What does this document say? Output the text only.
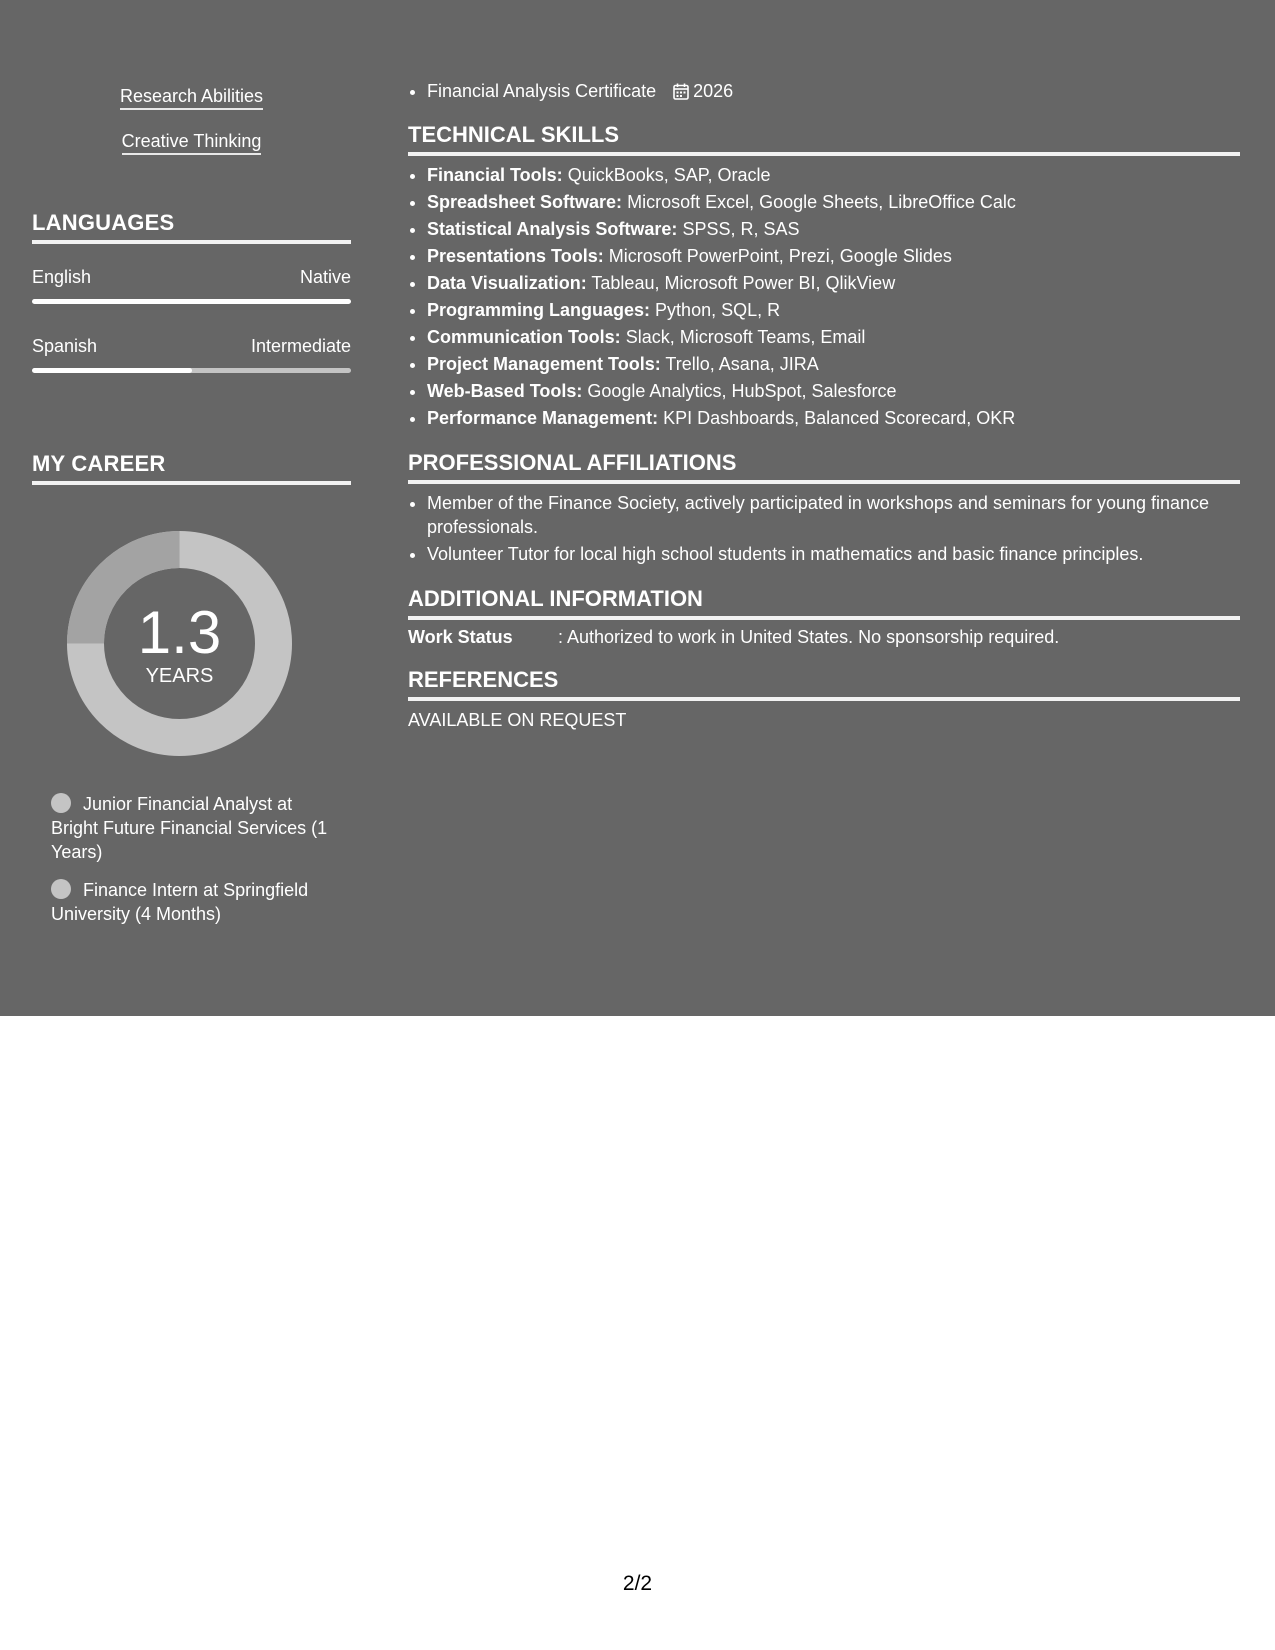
Research Abilities
Creative Thinking
LANGUAGES
English	Native
Spanish	Intermediate
MY CAREER
1.3
YEARS
Junior Financial Analyst at Bright Future Financial Services (1 Years)
Finance Intern at Springfield University (4 Months)
• Financial Analysis Certificate 2026
TECHNICAL SKILLS
• Financial Tools: QuickBooks, SAP, Oracle
• Spreadsheet Software: Microsoft Excel, Google Sheets, LibreOffice Calc
• Statistical Analysis Software: SPSS, R, SAS
• Presentations Tools: Microsoft PowerPoint, Prezi, Google Slides
• Data Visualization: Tableau, Microsoft Power BI, QlikView
• Programming Languages: Python, SQL, R
• Communication Tools: Slack, Microsoft Teams, Email
• Project Management Tools: Trello, Asana, JIRA
• Web-Based Tools: Google Analytics, HubSpot, Salesforce
• Performance Management: KPI Dashboards, Balanced Scorecard, OKR
PROFESSIONAL AFFILIATIONS
• Member of the Finance Society, actively participated in workshops and seminars for young finance professionals.
• Volunteer Tutor for local high school students in mathematics and basic finance principles.
ADDITIONAL INFORMATION
Work Status	: Authorized to work in United States. No sponsorship required.
REFERENCES
AVAILABLE ON REQUEST
2/2
